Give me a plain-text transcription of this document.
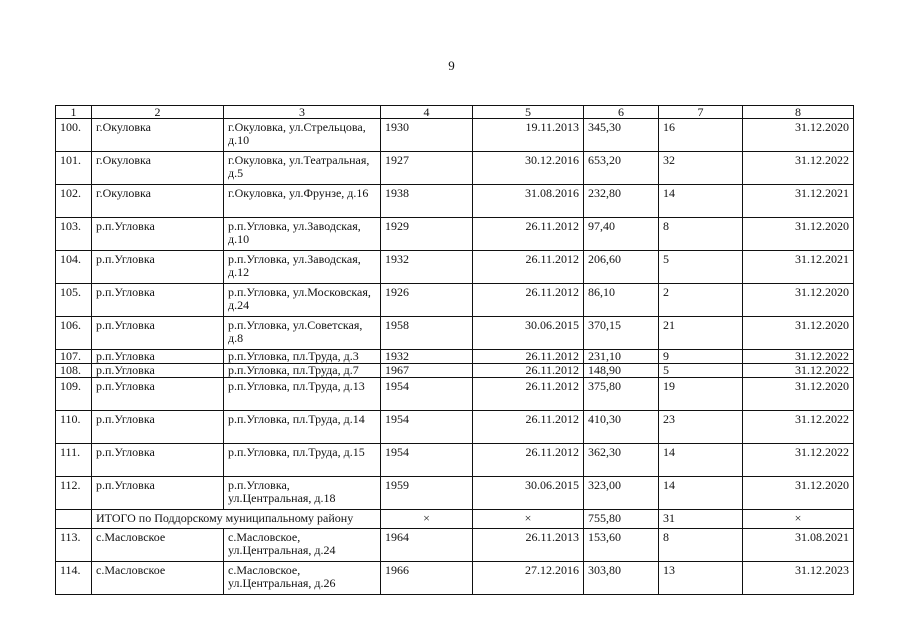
9
1	2	3	4	5	6	7	8
100.	г.Окуловка	г.Окуловка, ул.Стрельцова, д.10	1930	19.11.2013	345,30	16	31.12.2020
101.	г.Окуловка	г.Окуловка, ул.Театральная, д.5	1927	30.12.2016	653,20	32	31.12.2022
102.	г.Окуловка	г.Окуловка, ул.Фрунзе, д.16	1938	31.08.2016	232,80	14	31.12.2021
103.	р.п.Угловка	р.п.Угловка, ул.Заводская, д.10	1929	26.11.2012	97,40	8	31.12.2020
104.	р.п.Угловка	р.п.Угловка, ул.Заводская, д.12	1932	26.11.2012	206,60	5	31.12.2021
105.	р.п.Угловка	р.п.Угловка, ул.Московская, д.24	1926	26.11.2012	86,10	2	31.12.2020
106.	р.п.Угловка	р.п.Угловка, ул.Советская, д.8	1958	30.06.2015	370,15	21	31.12.2020
107.	р.п.Угловка	р.п.Угловка, пл.Труда, д.3	1932	26.11.2012	231,10	9	31.12.2022
108.	р.п.Угловка	р.п.Угловка, пл.Труда, д.7	1967	26.11.2012	148,90	5	31.12.2022
109.	р.п.Угловка	р.п.Угловка, пл.Труда, д.13	1954	26.11.2012	375,80	19	31.12.2020
110.	р.п.Угловка	р.п.Угловка, пл.Труда, д.14	1954	26.11.2012	410,30	23	31.12.2022
111.	р.п.Угловка	р.п.Угловка, пл.Труда, д.15	1954	26.11.2012	362,30	14	31.12.2022
112.	р.п.Угловка	р.п.Угловка, ул.Центральная, д.18	1959	30.06.2015	323,00	14	31.12.2020
	ИТОГО по Поддорскому муниципальному району		×	×	755,80	31	×
113.	с.Масловское	с.Масловское, ул.Центральная, д.24	1964	26.11.2013	153,60	8	31.08.2021
114.	с.Масловское	с.Масловское, ул.Центральная, д.26	1966	27.12.2016	303,80	13	31.12.2023
